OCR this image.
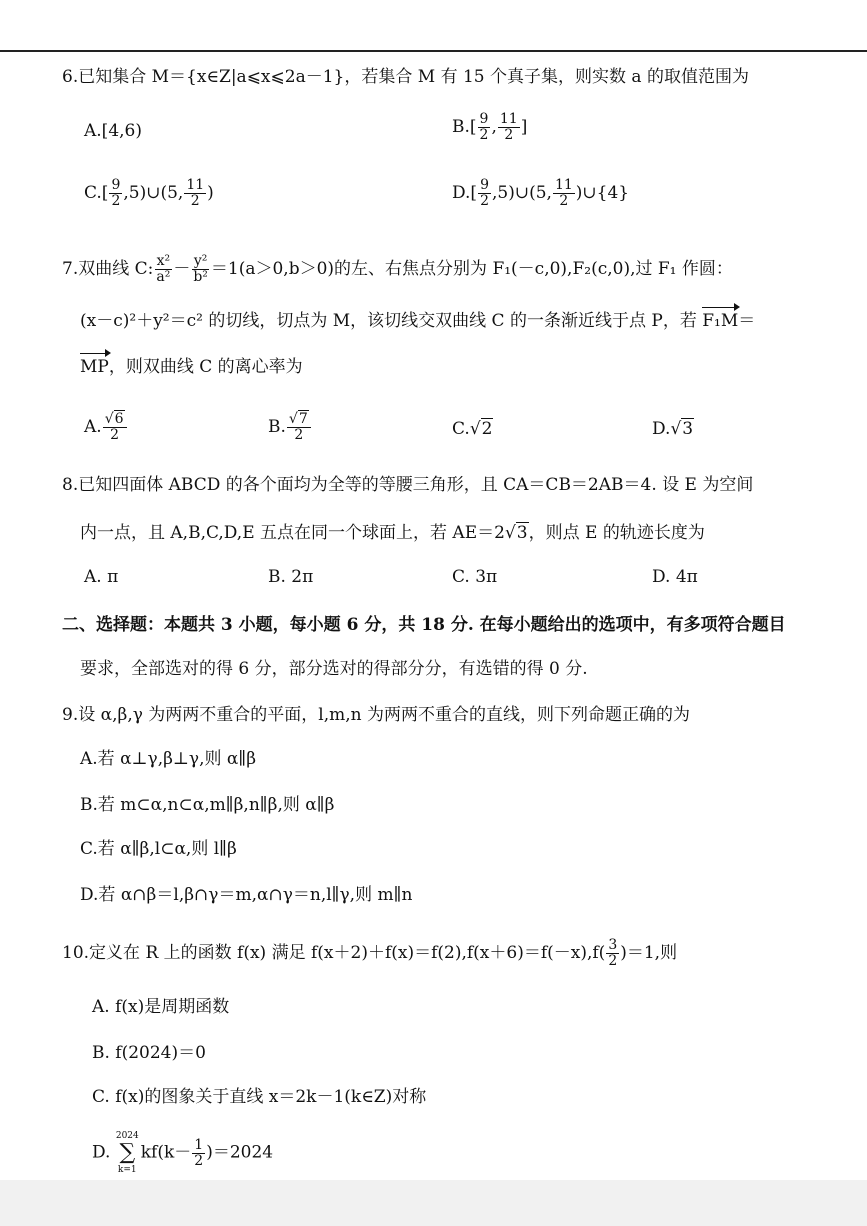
6.已知集合 M＝{x∈Z|a⩽x⩽2a－1}，若集合 M 有 15 个真子集，则实数 a 的取值范围为
A.[4,6)	$B.[ \frac{9}{2}$ , $\frac{11}{2}$ ]
$C.[ \frac{9}{2}$ ,5)∪(5, $\frac{11}{2}$ )	$D.[ \frac{9}{2}$ ,5)∪(5, $\frac{11}{2}$ )∪{4}
7.双曲线 C: $\frac{\text{x²}}{\text{a²}} - \frac{\text{y²}}{\text{b²}} =1(a>0,b>0)$的左、右焦点分别为 F₁(－c,0),F₂(c,0),过 F₁ 作圆：
(x－c)²＋y²＝c² 的切线，切点为 M，该切线交双曲线 C 的一条渐近线于点 P，若 F₁M＝
MP，则双曲线 C 的离心率为
A. $\frac{√6}{2}$	B. $\frac{√7}{2}$	C.√2	D.√3
8.已知四面体 ABCD 的各个面均为全等的等腰三角形，且 CA＝CB＝2AB＝4. 设 E 为空间
内一点，且 A,B,C,D,E 五点在同一个球面上，若 AE＝2√3，则点 E 的轨迹长度为
A. π	B. 2π	C. 3π	D. 4π
二、选择题：本题共 3 小题，每小题 6 分，共 18 分. 在每小题给出的选项中，有多项符合题目
要求，全部选对的得 6 分，部分选对的得部分分，有选错的得 0 分.
9.设 α,β,γ 为两两不重合的平面，l,m,n 为两两不重合的直线，则下列命题正确的为
A.若 α⊥γ,β⊥γ,则 α∥β
B.若 m⊂α,n⊂α,m∥β,n∥β,则 α∥β
C.若 α∥β,l⊂α,则 l∥β
D.若 α∩β＝l,β∩γ＝m,α∩γ＝n,l∥γ,则 m∥n
10.定义在 R 上的函数 f(x) 满足 $f(x+2)+f(x)=f(2),f(x+6)=f(-x),f( \frac{3}{2} )=1$,则
A. f(x)是周期函数
B. f(2024)＝0
C. f(x)的图象关于直线 x＝2k－1(k∈Z)对称
D.
2024
∑
k=1
$kf(k- \frac{1}{2} )=2024$
